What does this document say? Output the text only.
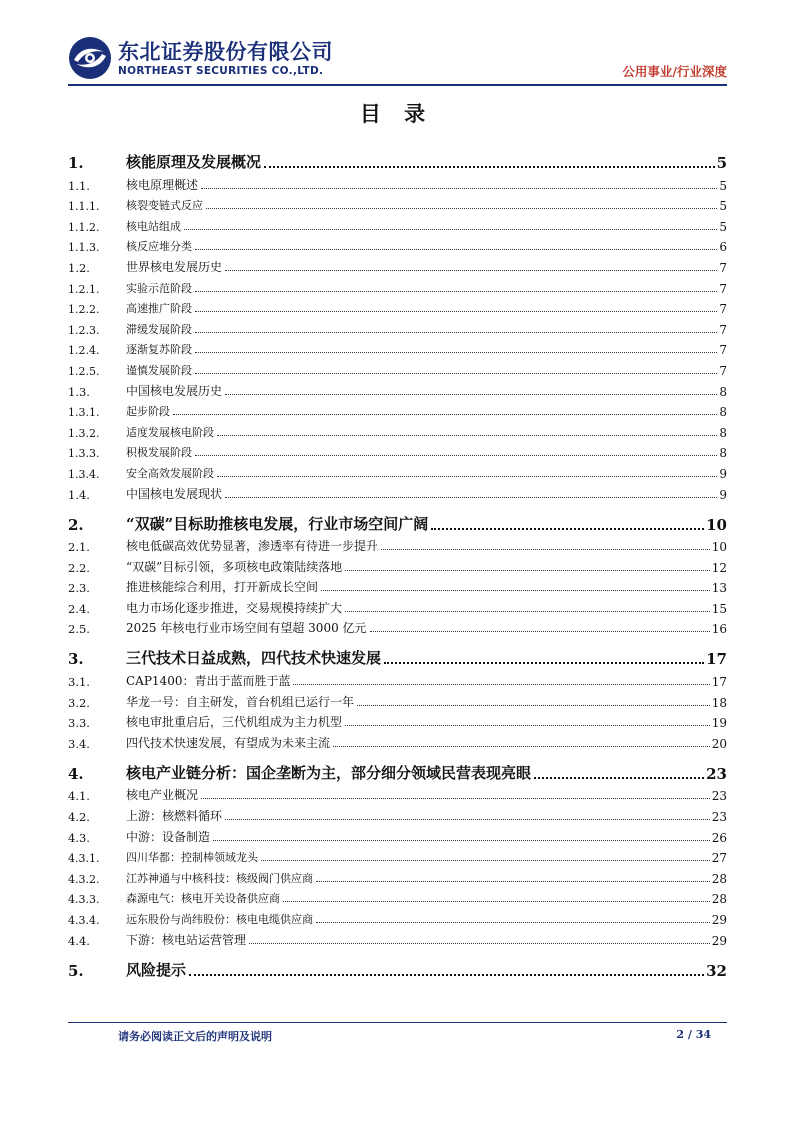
东北证券股份有限公司
NORTHEAST SECURITIES CO.,LTD.	公用事业/行业深度
目 录
1.	核能原理及发展概况	5
1.1.	核电原理概述	5
1.1.1.	核裂变链式反应	5
1.1.2.	核电站组成	5
1.1.3.	核反应堆分类	6
1.2.	世界核电发展历史	7
1.2.1.	实验示范阶段	7
1.2.2.	高速推广阶段	7
1.2.3.	滞缓发展阶段	7
1.2.4.	逐渐复苏阶段	7
1.2.5.	谨慎发展阶段	7
1.3.	中国核电发展历史	8
1.3.1.	起步阶段	8
1.3.2.	适度发展核电阶段	8
1.3.3.	积极发展阶段	8
1.3.4.	安全高效发展阶段	9
1.4.	中国核电发展现状	9
2.	“双碳”目标助推核电发展，行业市场空间广阔	10
2.1.	核电低碳高效优势显著，渗透率有待进一步提升	10
2.2.	“双碳”目标引领，多项核电政策陆续落地	12
2.3.	推进核能综合利用，打开新成长空间	13
2.4.	电力市场化逐步推进，交易规模持续扩大	15
2.5.	2025 年核电行业市场空间有望超 3000 亿元	16
3.	三代技术日益成熟，四代技术快速发展	17
3.1.	CAP1400：青出于蓝而胜于蓝	17
3.2.	华龙一号：自主研发，首台机组已运行一年	18
3.3.	核电审批重启后，三代机组成为主力机型	19
3.4.	四代技术快速发展，有望成为未来主流	20
4.	核电产业链分析：国企垄断为主，部分细分领域民营表现亮眼	23
4.1.	核电产业概况	23
4.2.	上游：核燃料循环	23
4.3.	中游：设备制造	26
4.3.1.	四川华都：控制棒领域龙头	27
4.3.2.	江苏神通与中核科技：核级阀门供应商	28
4.3.3.	森源电气：核电开关设备供应商	28
4.3.4.	远东股份与尚纬股份：核电电缆供应商	29
4.4.	下游：核电站运营管理	29
5.	风险提示	32
请务必阅读正文后的声明及说明	2 / 34
